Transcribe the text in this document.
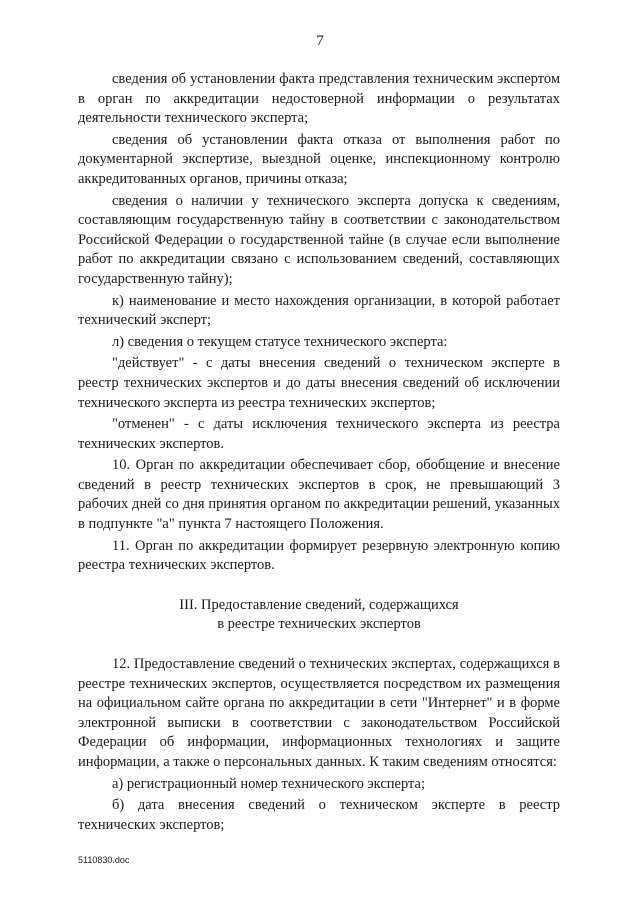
7

сведения об установлении факта представления техническим экспертом в орган по аккредитации недостоверной информации о результатах деятельности технического эксперта;

сведения об установлении факта отказа от выполнения работ по документарной экспертизе, выездной оценке, инспекционному контролю аккредитованных органов, причины отказа;

сведения о наличии у технического эксперта допуска к сведениям, составляющим государственную тайну в соответствии с законодательством Российской Федерации о государственной тайне (в случае если выполнение работ по аккредитации связано с использованием сведений, составляющих государственную тайну);

к) наименование и место нахождения организации, в которой работает технический эксперт;

л) сведения о текущем статусе технического эксперта:

"действует" - с даты внесения сведений о техническом эксперте в реестр технических экспертов и до даты внесения сведений об исключении технического эксперта из реестра технических экспертов;

"отменен" - с даты исключения технического эксперта из реестра технических экспертов.

10. Орган по аккредитации обеспечивает сбор, обобщение и внесение сведений в реестр технических экспертов в срок, не превышающий 3 рабочих дней со дня принятия органом по аккредитации решений, указанных в подпункте "а" пункта 7 настоящего Положения.

11. Орган по аккредитации формирует резервную электронную копию реестра технических экспертов.

III. Предоставление сведений, содержащихся
в реестре технических экспертов

12. Предоставление сведений о технических экспертах, содержащихся в реестре технических экспертов, осуществляется посредством их размещения на официальном сайте органа по аккредитации в сети "Интернет" и в форме электронной выписки в соответствии с законодательством Российской Федерации об информации, информационных технологиях и защите информации, а также о персональных данных. К таким сведениям относятся:

а) регистрационный номер технического эксперта;

б) дата внесения сведений о техническом эксперте в реестр технических экспертов;

5110830.doc
